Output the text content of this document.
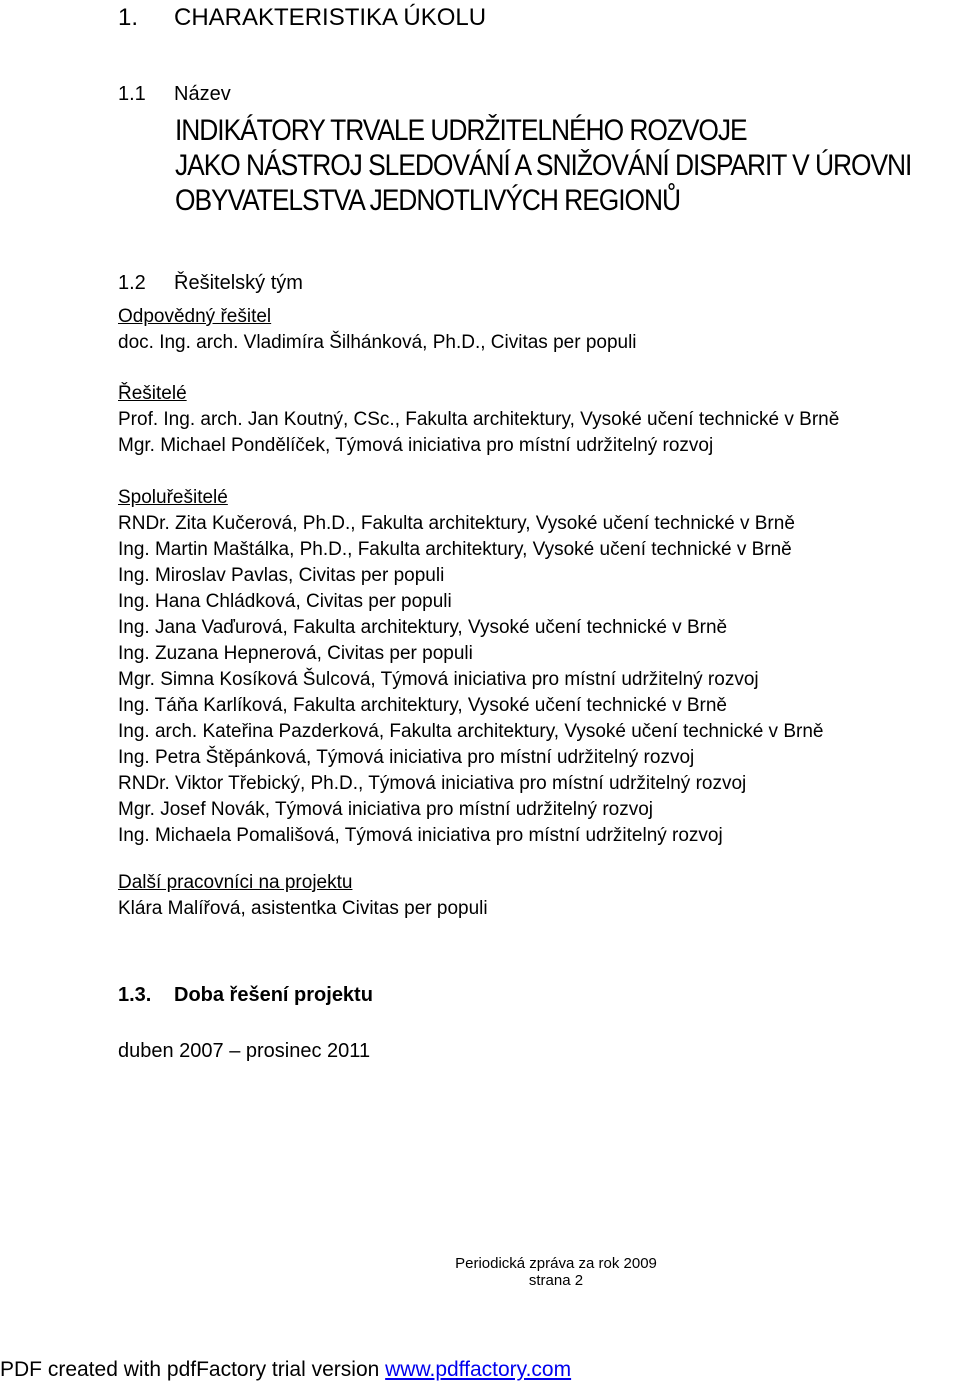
1. CHARAKTERISTIKA ÚKOLU
1.1 Název
INDIKÁTORY TRVALE UDRŽITELNÉHO ROZVOJE
JAKO NÁSTROJ SLEDOVÁNÍ A SNIŽOVÁNÍ DISPARIT V ÚROVNI
OBYVATELSTVA JEDNOTLIVÝCH REGIONŮ
1.2 Řešitelský tým
Odpovědný řešitel
doc. Ing. arch. Vladimíra Šilhánková, Ph.D., Civitas per populi
Řešitelé
Prof. Ing. arch. Jan Koutný, CSc., Fakulta architektury, Vysoké učení technické v Brně
Mgr. Michael Pondělíček, Týmová iniciativa pro místní udržitelný rozvoj
Spoluřešitelé
RNDr. Zita Kučerová, Ph.D., Fakulta architektury, Vysoké učení technické v Brně
Ing. Martin Maštálka, Ph.D., Fakulta architektury, Vysoké učení technické v Brně
Ing. Miroslav Pavlas, Civitas per populi
Ing. Hana Chládková, Civitas per populi
Ing. Jana Vaďurová, Fakulta architektury, Vysoké učení technické v Brně
Ing. Zuzana Hepnerová, Civitas per populi
Mgr. Simna Kosíková Šulcová, Týmová iniciativa pro místní udržitelný rozvoj
Ing. Táňa Karlíková, Fakulta architektury, Vysoké učení technické v Brně
Ing. arch. Kateřina Pazderková, Fakulta architektury, Vysoké učení technické v Brně
Ing. Petra Štěpánková, Týmová iniciativa pro místní udržitelný rozvoj
RNDr. Viktor Třebický, Ph.D., Týmová iniciativa pro místní udržitelný rozvoj
Mgr. Josef Novák, Týmová iniciativa pro místní udržitelný rozvoj
Ing. Michaela Pomališová, Týmová iniciativa pro místní udržitelný rozvoj
Další pracovníci na projektu
Klára Malířová, asistentka Civitas per populi
1.3. Doba řešení projektu
duben 2007 – prosinec 2011
Periodická zpráva za rok 2009
strana 2
PDF created with pdfFactory trial version www.pdffactory.com
